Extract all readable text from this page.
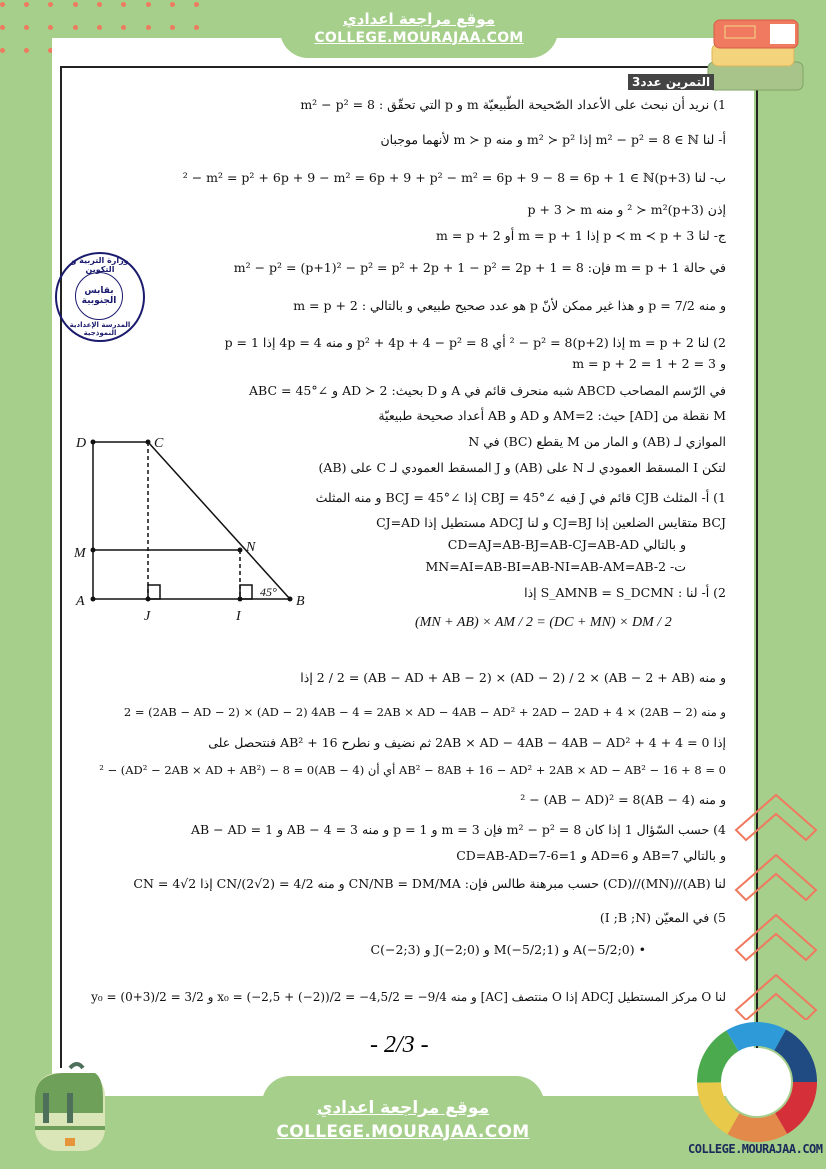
موقع مراجعة اعدادي
COLLEGE.MOURAJAA.COM
التمرين عدد3
وزارة التربية و التكوين
بقابس
الجنوبية
المدرسة الإعدادية النموذجية
1) نريد أن نبحث على الأعداد الصّحيحة الطّبيعيّة m و p التي تحقّق : m² − p² = 8
أ- لنا m² − p² = 8 ∈ ℕ إذا m² ≻ p² و منه m ≻ p لأنهما موجبان
ب- لنا (p+3)² − m² = p² + 6p + 9 − m² = 6p + 9 + p² − m² = 6p + 9 − 8 = 6p + 1 ∈ ℕ
إذن (p+3)² ≻ m² و منه p + 3 ≻ m
ج- لنا p ≺ m ≺ p + 3 إذا m = p + 1 أو m = p + 2
في حالة m = p + 1 فإن: m² − p² = (p+1)² − p² = p² + 2p + 1 − p² = 2p + 1 = 8
و منه p = 7/2 و هذا غير ممكن لأنّ p هو عدد صحيح طبيعي و بالتالي : m = p + 2
2) لنا m = p + 2 إذا (p+2)² − p² = 8 أي p² + 4p + 4 − p² = 8 و منه 4p = 4 إذا p = 1
و m = p + 2 = 1 + 2 = 3
في الرّسم المصاحب ABCD شبه منحرف قائم في A و D بحيث: AD ≻ 2 و ∠ABC = 45°
M نقطة من [AD] حيث: AM=2 و AD و AB أعداد صحيحة طبيعيّة
الموازي لـ (AB) و المار من M يقطع (BC) في N
لتكن I المسقط العمودي لـ N على (AB) و J المسقط العمودي لـ C على (AB)
1) أ- المثلث CJB قائم في J فيه ∠CBJ = 45° إذا ∠BCJ = 45° و منه المثلث
BCJ متقايس الضلعين إذا CJ=BJ و لنا ADCJ مستطيل إذا CJ=AD
و بالتالي CD=AJ=AB-BJ=AB-CJ=AB-AD
ت- MN=AI=AB-BI=AB-NI=AB-AM=AB-2
D	C
M	N
A
J	I
B
45°	2) أ- لنا : S_AMNB = S_DCMN إذا
(MN + AB) × AM / 2 = (DC + MN) × DM / 2
و منه (AB − 2 + AB) × 2 / 2 = (AB − AD + AB − 2) × (AD − 2) / 2 إذا
و منه (2AB − 2) × 2 = (2AB − AD − 2) × (AD − 2) 4AB − 4 = 2AB × AD − 4AB − AD² + 2AD − 2AD + 4
إذا 2AB × AD − 4AB − 4AB − AD² + 4 + 4 = 0 ثم نضيف و نطرح AB² + 16 فنتحصل على
AB² − 8AB + 16 − AD² + 2AB × AD − AB² − 16 + 8 = 0 أي أن (AB − 4)² − (AD² − 2AB × AD + AB²) − 8 = 0
و منه (AB − 4)² − (AB − AD)² = 8
4) حسب السّؤال 1 إذا كان m² − p² = 8 فإن m = 3 و p = 1 و منه AB − 4 = 3 و AB − AD = 1
و بالتالي AB=7 و AD=6 و CD=AB-AD=7-6=1
لنا (AB)//(MN)//(CD) حسب مبرهنة طالس فإن: CN/NB = DM/MA و منه CN/(2√2) = 4/2 إذا CN = 4√2
5) في المعيّن (I ;B ;N)
• A(−5/2;0) و M(−5/2;1) و J(−2;0) و C(−2;3)
لنا O مركز المستطيل ADCJ إذا O منتصف [AC] و منه x₀ = (−2,5 + (−2))/2 = −4,5/2 = −9/4 و y₀ = (0+3)/2 = 3/2
- 2/3 -
موقع مراجعة اعدادي
COLLEGE.MOURAJAA.COM
COLLEGE.MOURAJAA.COM
